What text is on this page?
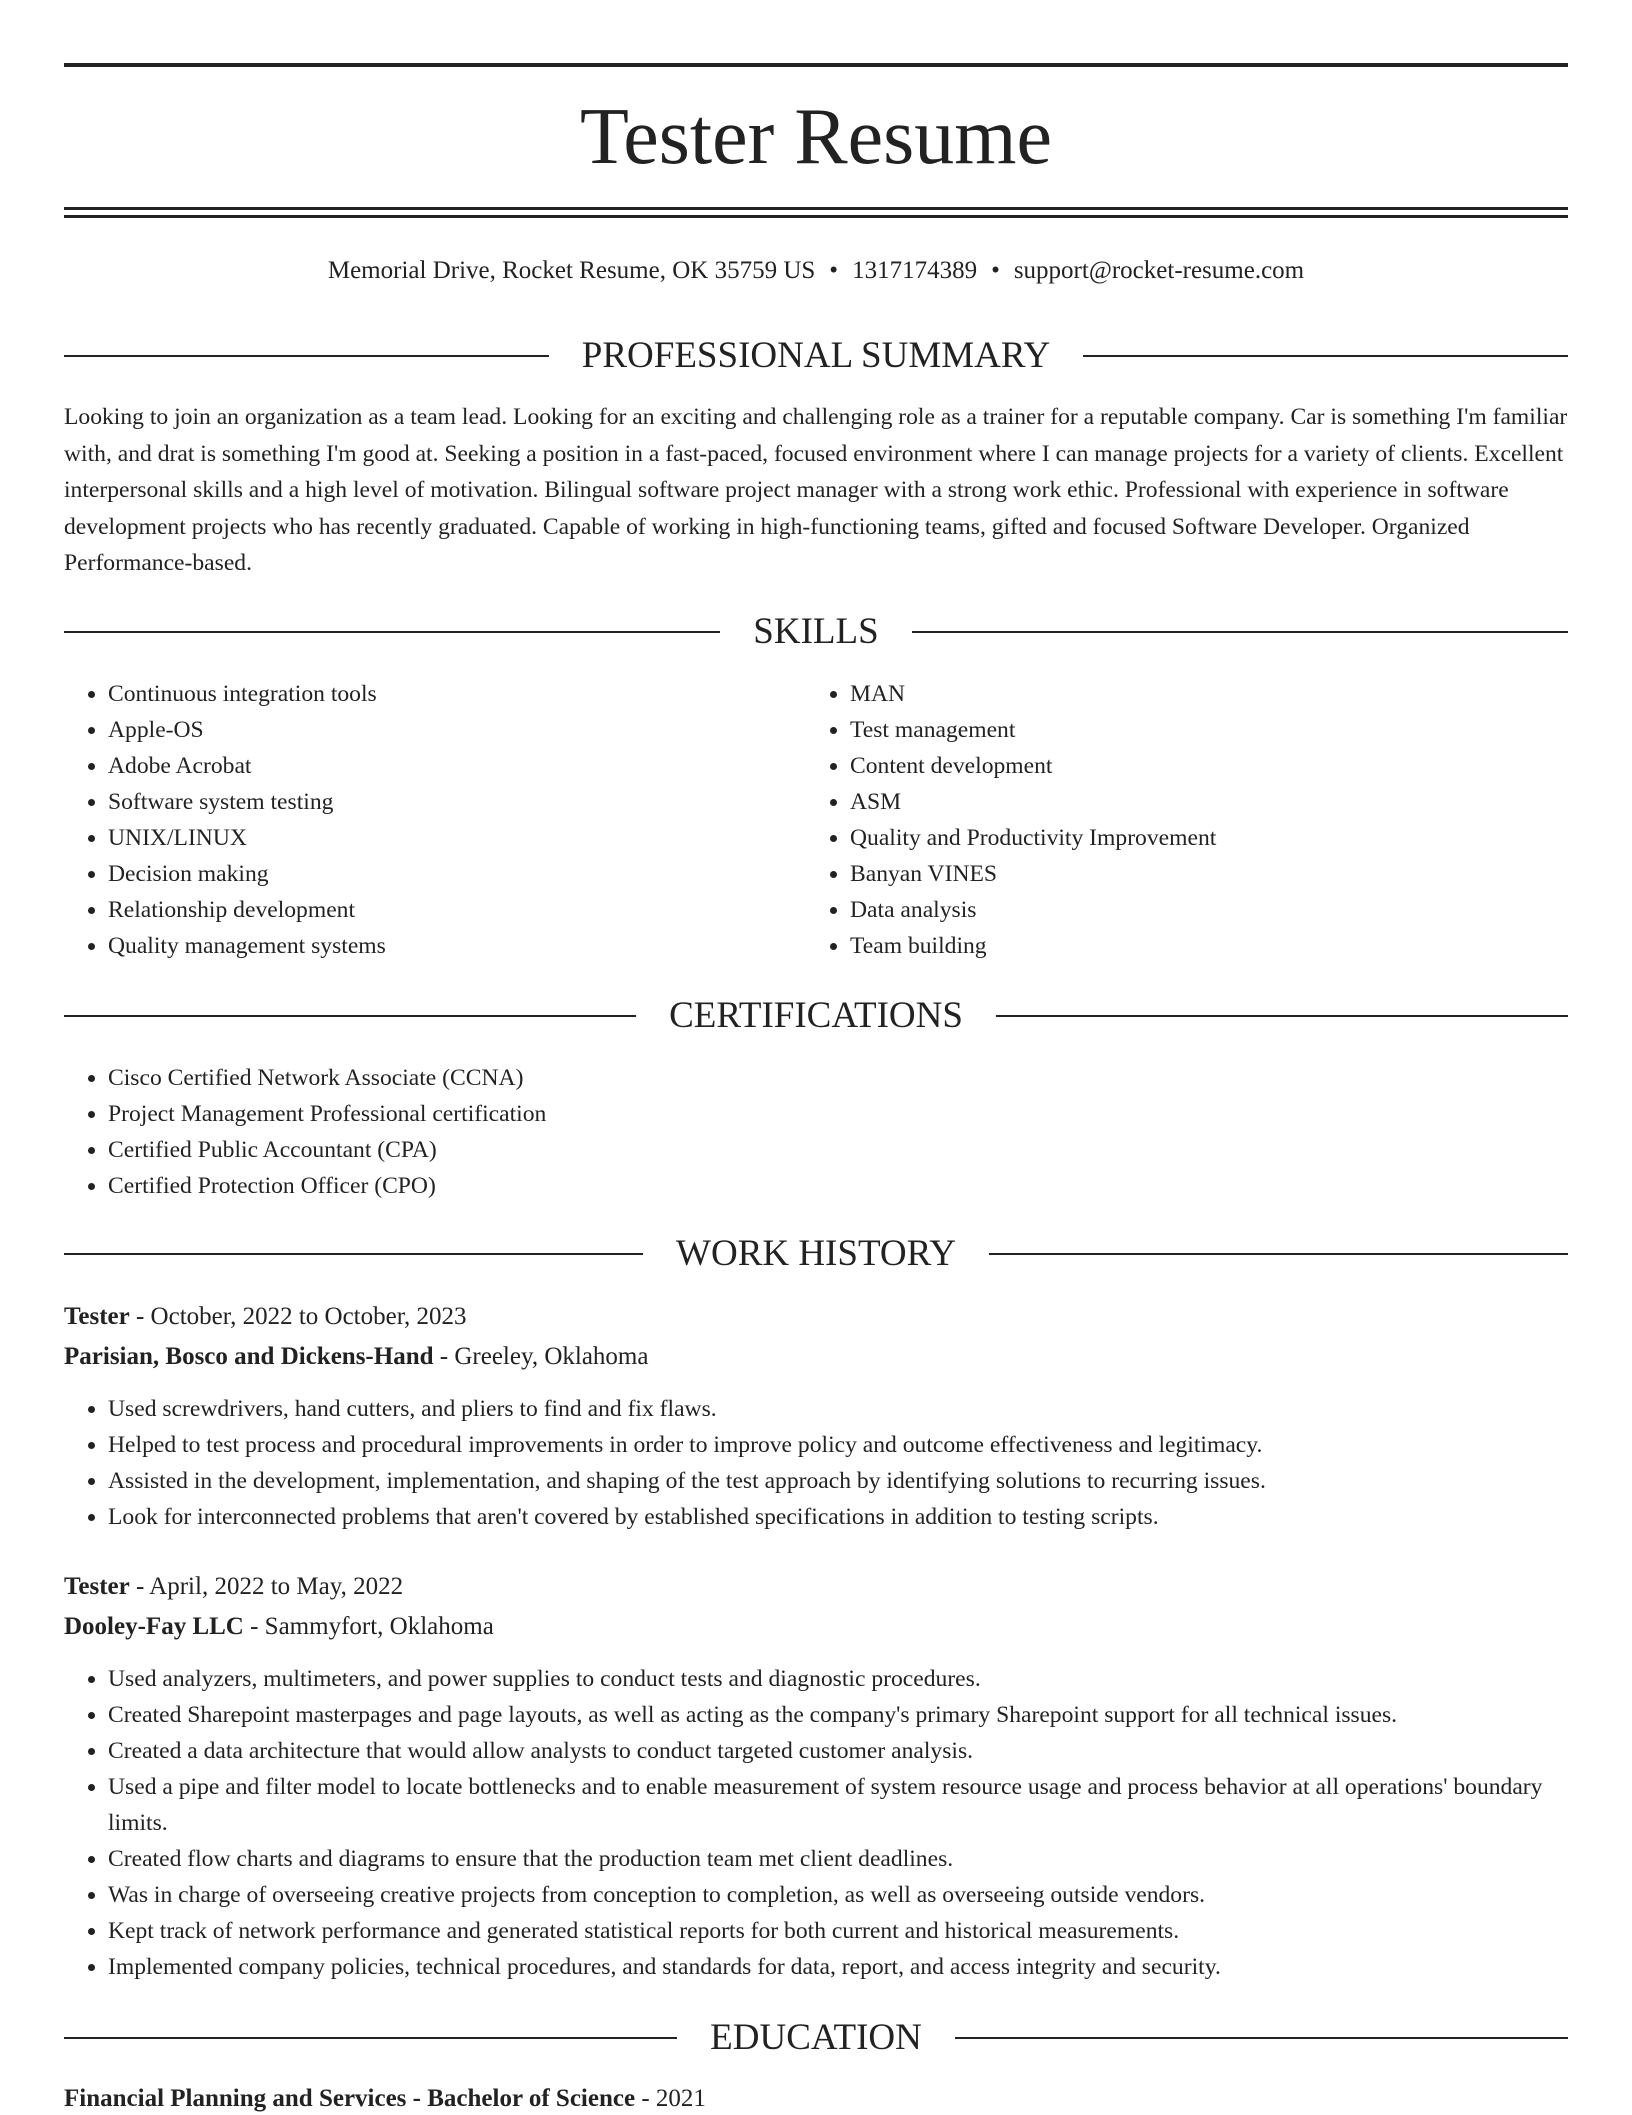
Tester Resume
Memorial Drive, Rocket Resume, OK 35759 US • 1317174389 • support@rocket-resume.com
PROFESSIONAL SUMMARY

Looking to join an organization as a team lead. Looking for an exciting and challenging role as a trainer for a reputable company. Car is something I'm familiar with, and drat is something I'm good at. Seeking a position in a fast-paced, focused environment where I can manage projects for a variety of clients. Excellent interpersonal skills and a high level of motivation. Bilingual software project manager with a strong work ethic. Professional with experience in software development projects who has recently graduated. Capable of working in high-functioning teams, gifted and focused Software Developer. Organized Performance-based.

SKILLS
• Continuous integration tools
• Apple-OS
• Adobe Acrobat
• Software system testing
• UNIX/LINUX
• Decision making
• Relationship development
• Quality management systems
• MAN
• Test management
• Content development
• ASM
• Quality and Productivity Improvement
• Banyan VINES
• Data analysis
• Team building
CERTIFICATIONS
• Cisco Certified Network Associate (CCNA)
• Project Management Professional certification
• Certified Public Accountant (CPA)
• Certified Protection Officer (CPO)
WORK HISTORY
Tester - October, 2022 to October, 2023
Parisian, Bosco and Dickens-Hand - Greeley, Oklahoma
• Used screwdrivers, hand cutters, and pliers to find and fix flaws.
• Helped to test process and procedural improvements in order to improve policy and outcome effectiveness and legitimacy.
• Assisted in the development, implementation, and shaping of the test approach by identifying solutions to recurring issues.
• Look for interconnected problems that aren't covered by established specifications in addition to testing scripts.
Tester - April, 2022 to May, 2022
Dooley-Fay LLC - Sammyfort, Oklahoma
• Used analyzers, multimeters, and power supplies to conduct tests and diagnostic procedures.
• Created Sharepoint masterpages and page layouts, as well as acting as the company's primary Sharepoint support for all technical issues.
• Created a data architecture that would allow analysts to conduct targeted customer analysis.
• Used a pipe and filter model to locate bottlenecks and to enable measurement of system resource usage and process behavior at all operations' boundary limits.
• Created flow charts and diagrams to ensure that the production team met client deadlines.
• Was in charge of overseeing creative projects from conception to completion, as well as overseeing outside vendors.
• Kept track of network performance and generated statistical reports for both current and historical measurements.
• Implemented company policies, technical procedures, and standards for data, report, and access integrity and security.
EDUCATION
Financial Planning and Services - Bachelor of Science - 2021
